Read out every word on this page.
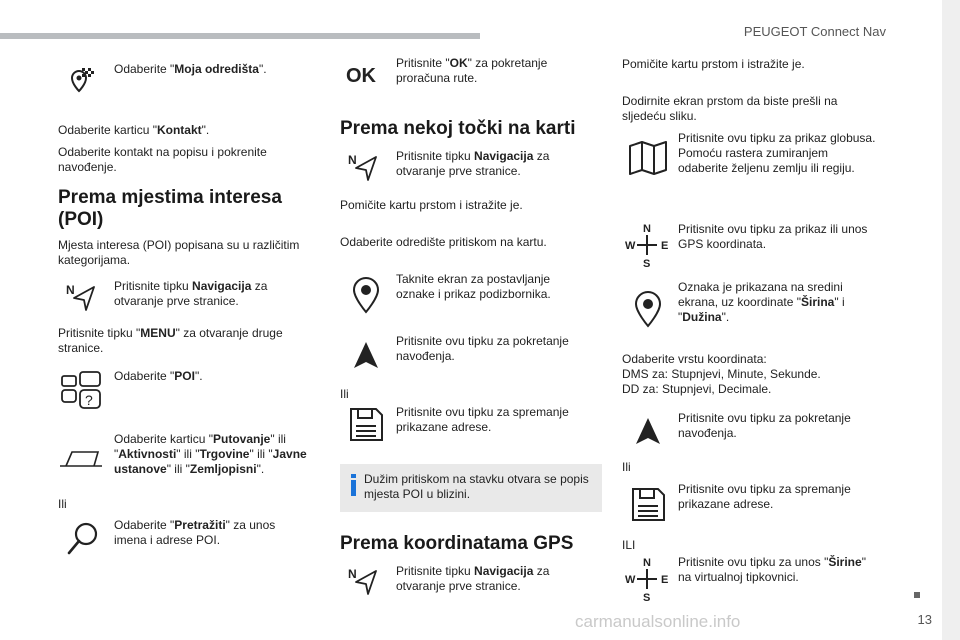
PEUGEOT Connect Nav
Odaberite "Moja odredišta".
Odaberite karticu "Kontakt".
Odaberite kontakt na popisu i pokrenite navođenje.
Prema mjestima interesa
(POI)
Mjesta interesa (POI) popisana su u različitim kategorijama.
N	Pritisnite tipku Navigacija za otvaranje prve stranice.
Pritisnite tipku "MENU" za otvaranje druge stranice.
?
Odaberite "POI".
Odaberite karticu "Putovanje" ili "Aktivnosti" ili "Trgovine" ili "Javne ustanove" ili "Zemljopisni".
Ili
Odaberite "Pretražiti" za unos imena i adrese POI.
OK
Pritisnite "OK" za pokretanje proračuna rute.
Prema nekoj točki na karti
N	Pritisnite tipku Navigacija za otvaranje prve stranice.
Pomičite kartu prstom i istražite je.
Odaberite odredište pritiskom na kartu.
Taknite ekran za postavljanje oznake i prikaz podizbornika.
Pritisnite ovu tipku za pokretanje navođenja.
Ili
Pritisnite ovu tipku za spremanje prikazane adrese.
Dužim pritiskom na stavku otvara se popis mjesta POI u blizini.
Prema koordinatama GPS
N	Pritisnite tipku Navigacija za otvaranje prve stranice.
Pomičite kartu prstom i istražite je.
Dodirnite ekran prstom da biste prešli na sljedeću sliku.
Pritisnite ovu tipku za prikaz globusa.
Pomoću rastera zumiranjem odaberite željenu zemlju ili regiju.
N
W E
S
Pritisnite ovu tipku za prikaz ili unos GPS koordinata.
Oznaka je prikazana na sredini ekrana, uz koordinate "Širina" i "Dužina".
Odaberite vrstu koordinata:
DMS za: Stupnjevi, Minute, Sekunde.
DD za: Stupnjevi, Decimale.
Pritisnite ovu tipku za pokretanje navođenja.
Ili
Pritisnite ovu tipku za spremanje prikazane adrese.
ILI
N
W E
S
Pritisnite ovu tipku za unos "Širine" na virtualnoj tipkovnici.
13
carmanualsonline.info
